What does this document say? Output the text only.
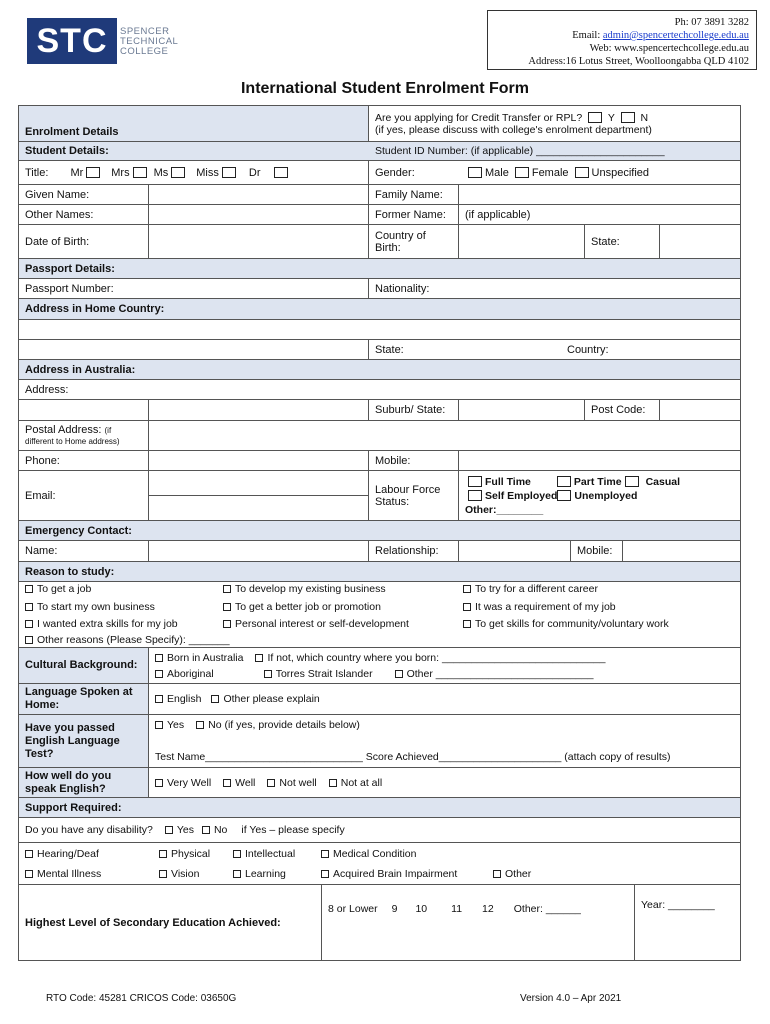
STC	SPENCER
TECHNICAL
COLLEGE
Ph: 07 3891 3282
Email: admin@spencertechcollege.edu.au
Web: www.spencertechcollege.edu.au
Address:16 Lotus Street, Woolloongabba QLD 4102
International Student Enrolment Form
Enrolment Details
Are you applying for Credit Transfer or RPL? Y N
(if yes, please discuss with college's enrolment department)
Student Details:	Student ID Number: (if applicable) ______________________
Title: Mr	Mrs Ms	Miss	Dr	Gender:	Male Female Unspecified
Given Name:	Family Name:
Other Names:	Former Name:	(if applicable)
Date of Birth:	Country of Birth:	State:
Passport Details:
Passport Number:	Nationality:
Address in Home Country:
State:	Country:
Address in Australia:
Address:
Suburb/ State:	Post Code:
Postal Address: (if
different to Home address)
Phone:	Mobile:
Email:	Labour Force Status:
Full Time	Part Time Casual
Self Employed Unemployed
Other:________
Emergency Contact:
Name:	Relationship:	Mobile:
Reason to study:
To get a job	To develop my existing business	To try for a different career
To start my own business	To get a better job or promotion	It was a requirement of my job
I wanted extra skills for my job	Personal interest or self-development	To get skills for community/voluntary work
Other reasons (Please Specify): _______
Cultural Background:
Born in Australia If not, which country where you born: ____________________________
Aboriginal	Torres Strait Islander	Other ___________________________
Language Spoken at Home:	English	Other please explain
Have you passed English Language Test?
Yes No (if yes, provide details below)
Test Name___________________________ Score Achieved_____________________ (attach copy of results)
How well do you speak English?	Very Well	Well	Not well	Not at all
Support Required:
Do you have any disability?	Yes	No if Yes – please specify
Hearing/Deaf	Physical	Intellectual	Medical Condition
Mental Illness	Vision	Learning	Acquired Brain Impairment	Other
Highest Level of Secondary Education Achieved:
8 or Lower 9 10 11 12 Other: ______	Year: ________
RTO Code: 45281 CRICOS Code: 03650G	Version 4.0 – Apr 2021
